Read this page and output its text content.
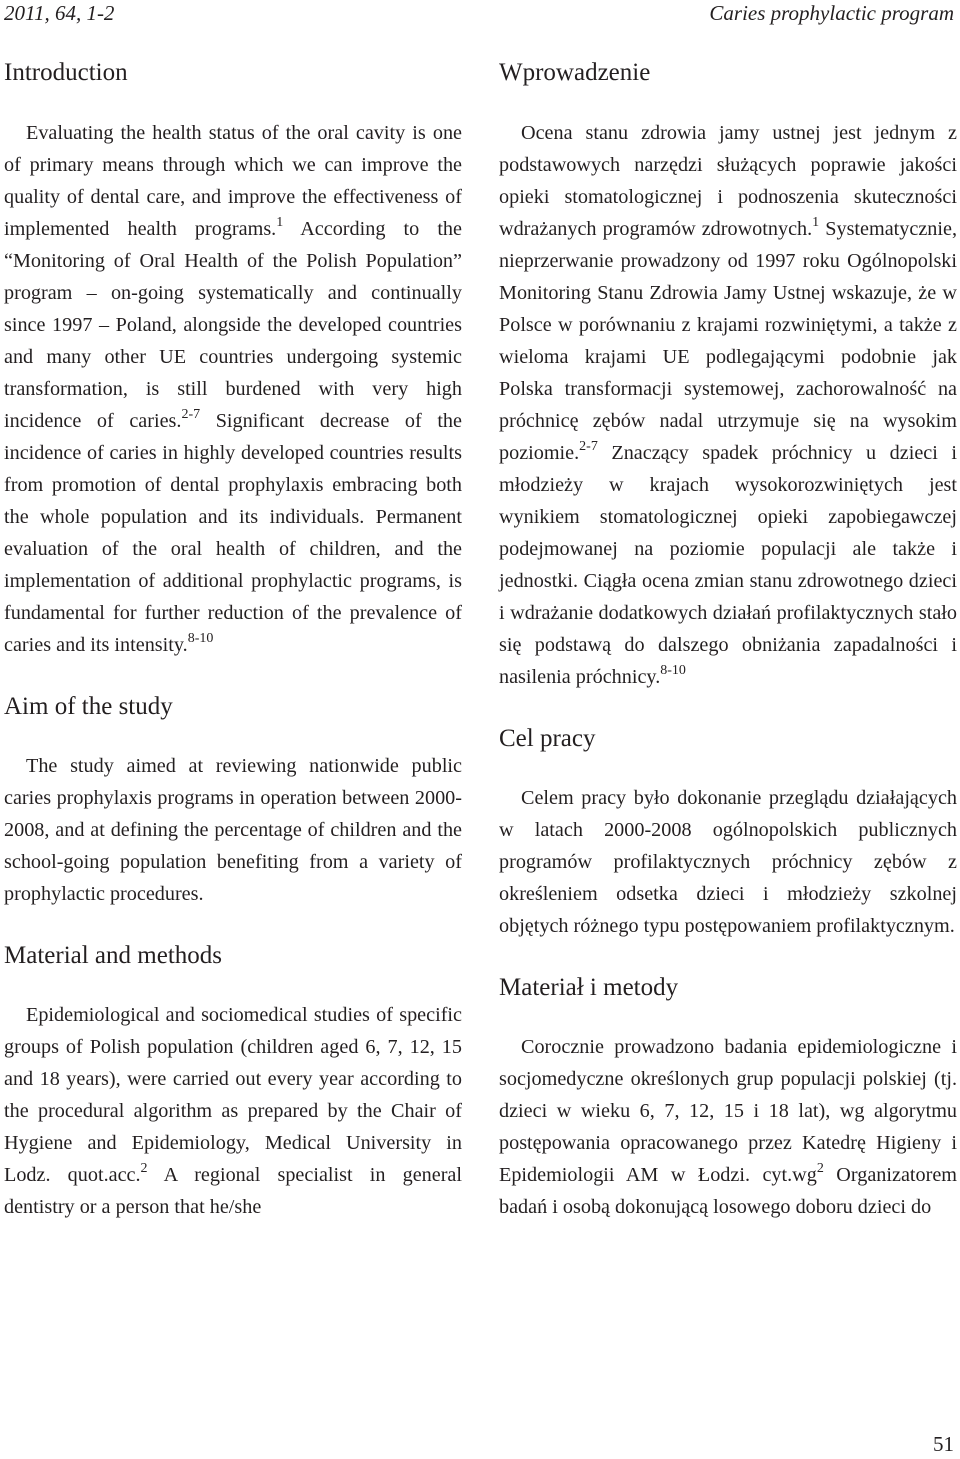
2011, 64, 1-2	Caries prophylactic program
Introduction

Evaluating the health status of the oral cavity is one of primary means through which we can improve the quality of dental care, and improve the effectiveness of implemented health programs.$^1$ According to the “Monitoring of Oral Health of the Polish Population” program – on-going systematically and continually since 1997 – Poland, alongside the developed countries and many other UE countries undergoing systemic transformation, is still burdened with very high incidence of caries.$^{2-7}$ Significant decrease of the incidence of caries in highly developed countries results from promotion of dental prophylaxis embracing both the whole population and its individuals. Permanent evaluation of the oral health of children, and the implementation of additional prophylactic programs, is fundamental for further reduction of the prevalence of caries and its intensity.$^{8-10}$

Aim of the study

The study aimed at reviewing nationwide public caries prophylaxis programs in operation between 2000-2008, and at defining the percentage of children and the school-going population benefiting from a variety of prophylactic procedures.

Material and methods

Epidemiological and sociomedical studies of specific groups of Polish population (children aged 6, 7, 12, 15 and 18 years), were carried out every year according to the procedural algorithm as prepared by the Chair of Hygiene and Epidemiology, Medical University in Lodz. quot.acc.$^2$ A regional specialist in general dentistry or a person that he/she

Wprowadzenie

Ocena stanu zdrowia jamy ustnej jest jednym z podstawowych narzędzi służących poprawie jakości opieki stomatologicznej i podnoszenia skuteczności wdrażanych programów zdrowotnych.$^1$ Systematycznie, nieprzerwanie prowadzony od 1997 roku Ogólnopolski Monitoring Stanu Zdrowia Jamy Ustnej wskazuje, że w Polsce w porównaniu z krajami rozwiniętymi, a także z wieloma krajami UE podlegającymi podobnie jak Polska transformacji systemowej, zachorowalność na próchnicę zębów nadal utrzymuje się na wysokim poziomie.$^{2-7}$ Znaczący spadek próchnicy u dzieci i młodzieży w krajach wysokorozwiniętych jest wynikiem stomatologicznej opieki zapobiegawczej podejmowanej na poziomie populacji ale także i jednostki. Ciągła ocena zmian stanu zdrowotnego dzieci i wdrażanie dodatkowych działań profilaktycznych stało się podstawą do dalszego obniżania zapadalności i nasilenia próchnicy.$^{8-10}$

Cel pracy

Celem pracy było dokonanie przeglądu działających w latach 2000-2008 ogólnopolskich publicznych programów profilaktycznych próchnicy zębów z określeniem odsetka dzieci i młodzieży szkolnej objętych różnego typu postępowaniem profilaktycznym.

Materiał i metody

Corocznie prowadzono badania epidemiologiczne i socjomedyczne określonych grup populacji polskiej (tj. dzieci w wieku 6, 7, 12, 15 i 18 lat), wg algorytmu postępowania opracowanego przez Katedrę Higieny i Epidemiologii AM w Łodzi. $cyt.wg^2$ Organizatorem badań i osobą dokonującą losowego doboru dzieci do

51
